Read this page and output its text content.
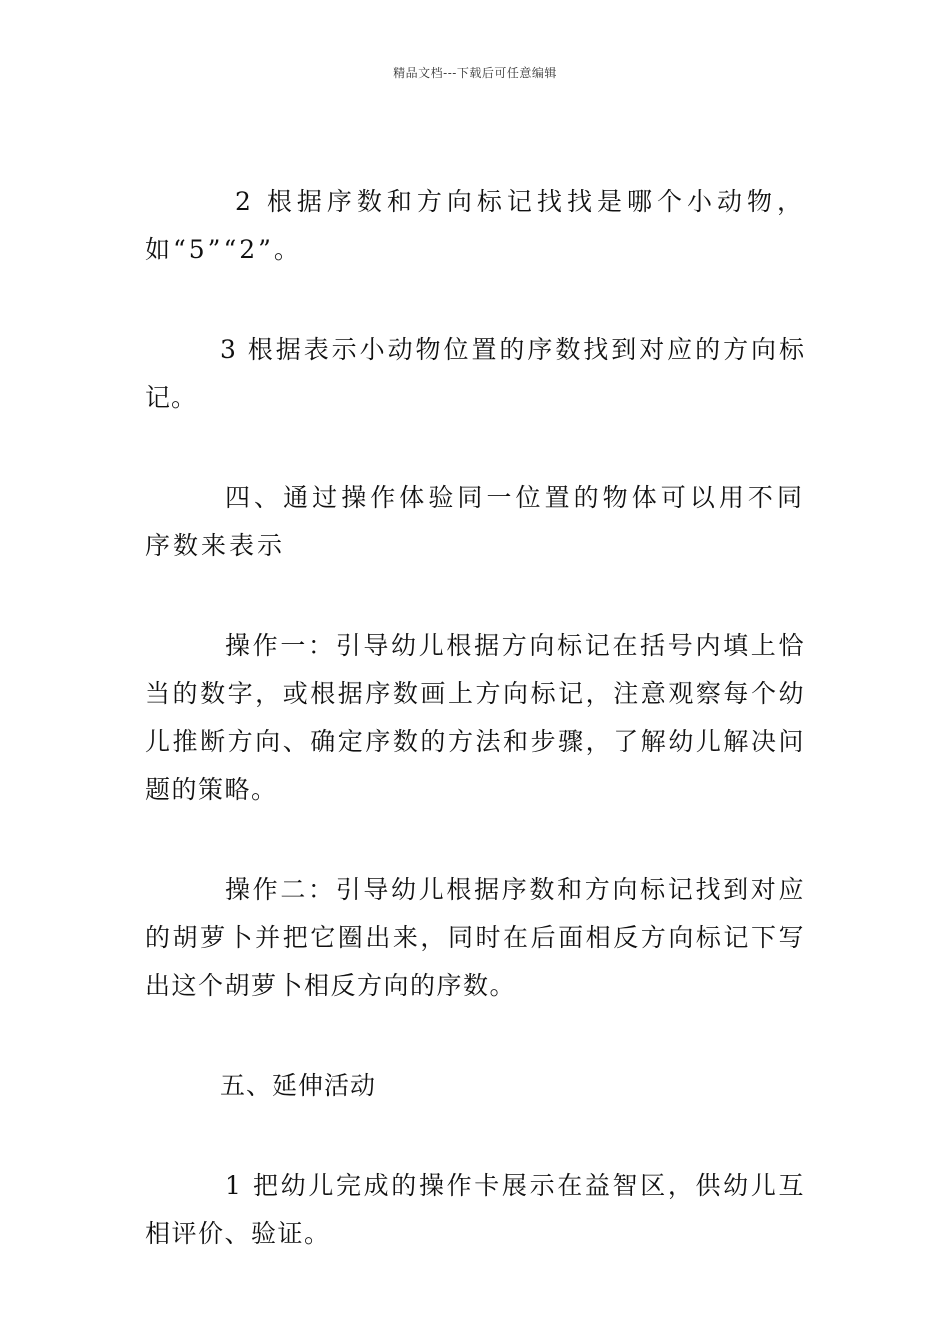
精品文档---下载后可任意编辑

2 根据序数和方向标记找找是哪个小动物，如“5”“2”。

3 根据表示小动物位置的序数找到对应的方向标记。

四、通过操作体验同一位置的物体可以用不同序数来表示

操作一：引导幼儿根据方向标记在括号内填上恰当的数字，或根据序数画上方向标记，注意观察每个幼儿推断方向、确定序数的方法和步骤，了解幼儿解决问题的策略。

操作二：引导幼儿根据序数和方向标记找到对应的胡萝卜并把它圈出来，同时在后面相反方向标记下写出这个胡萝卜相反方向的序数。

五、延伸活动

1 把幼儿完成的操作卡展示在益智区，供幼儿互相评价、验证。
